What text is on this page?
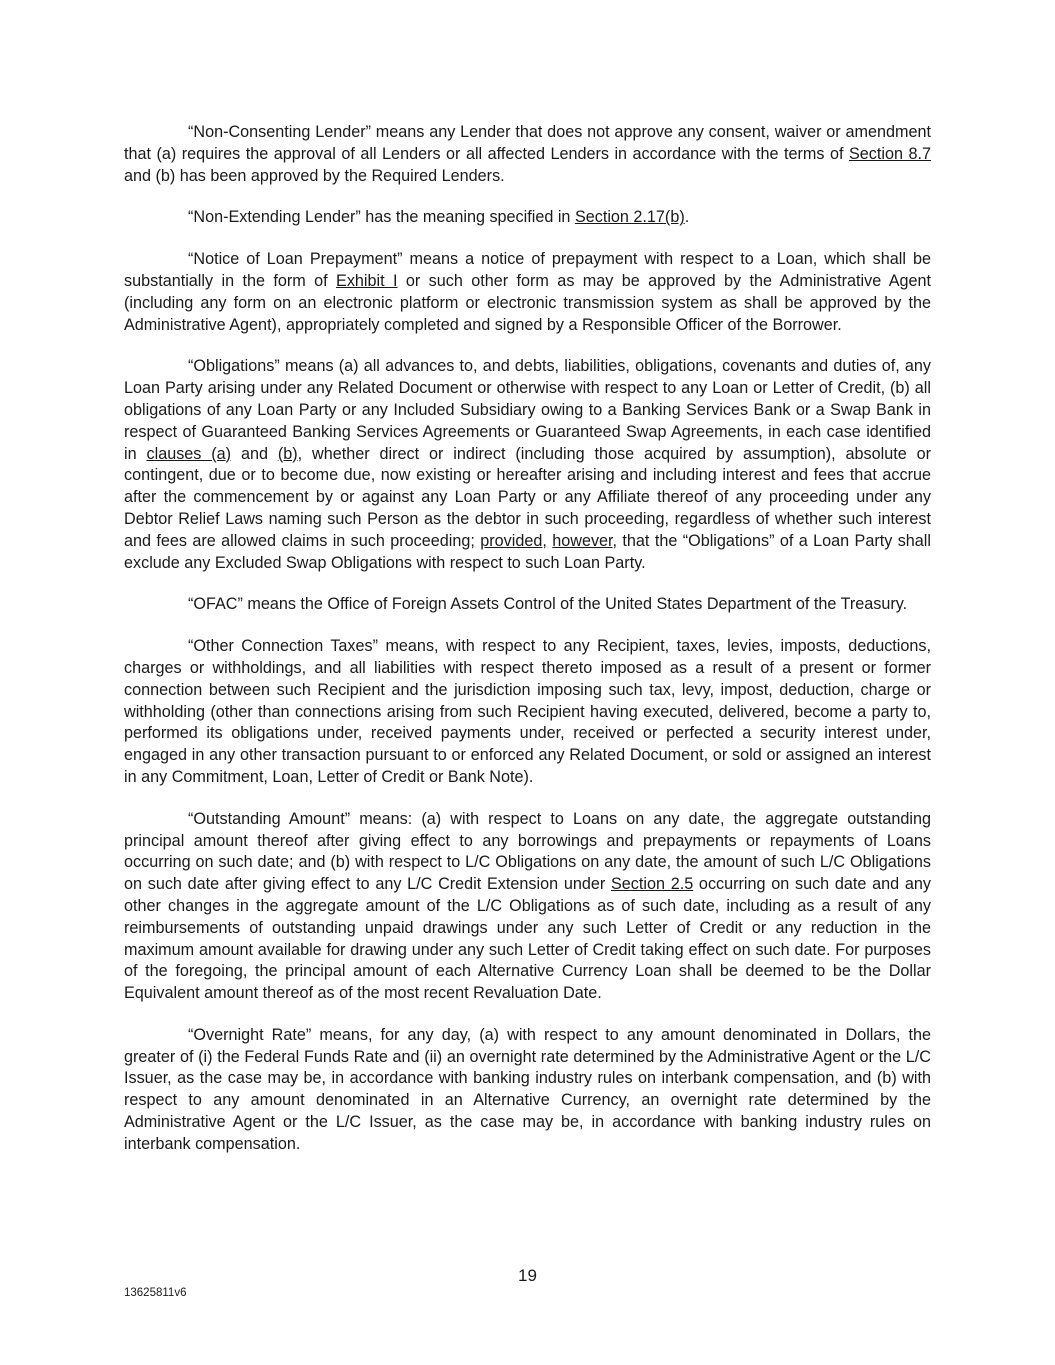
“Non-Consenting Lender” means any Lender that does not approve any consent, waiver or amendment that (a) requires the approval of all Lenders or all affected Lenders in accordance with the terms of Section 8.7 and (b) has been approved by the Required Lenders.

“Non-Extending Lender” has the meaning specified in Section 2.17(b).

“Notice of Loan Prepayment” means a notice of prepayment with respect to a Loan, which shall be substantially in the form of Exhibit I or such other form as may be approved by the Administrative Agent (including any form on an electronic platform or electronic transmission system as shall be approved by the Administrative Agent), appropriately completed and signed by a Responsible Officer of the Borrower.

“Obligations” means (a) all advances to, and debts, liabilities, obligations, covenants and duties of, any Loan Party arising under any Related Document or otherwise with respect to any Loan or Letter of Credit, (b) all obligations of any Loan Party or any Included Subsidiary owing to a Banking Services Bank or a Swap Bank in respect of Guaranteed Banking Services Agreements or Guaranteed Swap Agreements, in each case identified in clauses (a) and (b), whether direct or indirect (including those acquired by assumption), absolute or contingent, due or to become due, now existing or hereafter arising and including interest and fees that accrue after the commencement by or against any Loan Party or any Affiliate thereof of any proceeding under any Debtor Relief Laws naming such Person as the debtor in such proceeding, regardless of whether such interest and fees are allowed claims in such proceeding; provided, however, that the “Obligations” of a Loan Party shall exclude any Excluded Swap Obligations with respect to such Loan Party.

“OFAC” means the Office of Foreign Assets Control of the United States Department of the Treasury.

“Other Connection Taxes” means, with respect to any Recipient, taxes, levies, imposts, deductions, charges or withholdings, and all liabilities with respect thereto imposed as a result of a present or former connection between such Recipient and the jurisdiction imposing such tax, levy, impost, deduction, charge or withholding (other than connections arising from such Recipient having executed, delivered, become a party to, performed its obligations under, received payments under, received or perfected a security interest under, engaged in any other transaction pursuant to or enforced any Related Document, or sold or assigned an interest in any Commitment, Loan, Letter of Credit or Bank Note).

“Outstanding Amount” means: (a) with respect to Loans on any date, the aggregate outstanding principal amount thereof after giving effect to any borrowings and prepayments or repayments of Loans occurring on such date; and (b) with respect to L/C Obligations on any date, the amount of such L/C Obligations on such date after giving effect to any L/C Credit Extension under Section 2.5 occurring on such date and any other changes in the aggregate amount of the L/C Obligations as of such date, including as a result of any reimbursements of outstanding unpaid drawings under any such Letter of Credit or any reduction in the maximum amount available for drawing under any such Letter of Credit taking effect on such date. For purposes of the foregoing, the principal amount of each Alternative Currency Loan shall be deemed to be the Dollar Equivalent amount thereof as of the most recent Revaluation Date.

“Overnight Rate” means, for any day, (a) with respect to any amount denominated in Dollars, the greater of (i) the Federal Funds Rate and (ii) an overnight rate determined by the Administrative Agent or the L/C Issuer, as the case may be, in accordance with banking industry rules on interbank compensation, and (b) with respect to any amount denominated in an Alternative Currency, an overnight rate determined by the Administrative Agent or the L/C Issuer, as the case may be, in accordance with banking industry rules on interbank compensation.

19
13625811v6
